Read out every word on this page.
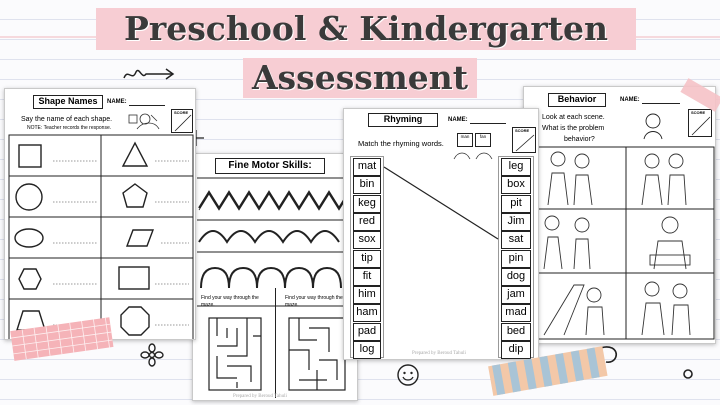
Preschool & Kindergarten
Assessment
Fine Motor Skills:
Find your way through the maze.
Find your way through the maze.
Prepared by Beroud Tahuli
Shape Names	NAME:
SCORE
Say the name of each shape.
NOTE: Teacher records the response.
Behavior	NAME:
SCORE
Look at each scene.
What is the problem
behavior?
Rhyming	NAME:
SCORE
Match the rhyming words.
man	fan
mat
bin
keg
red
sox
tip
fit
him
ham
pad
log
leg
box
pit
Jim
sat
pin
dog
jam
mad
bed
dip
Prepared by Beroud Tahuli
